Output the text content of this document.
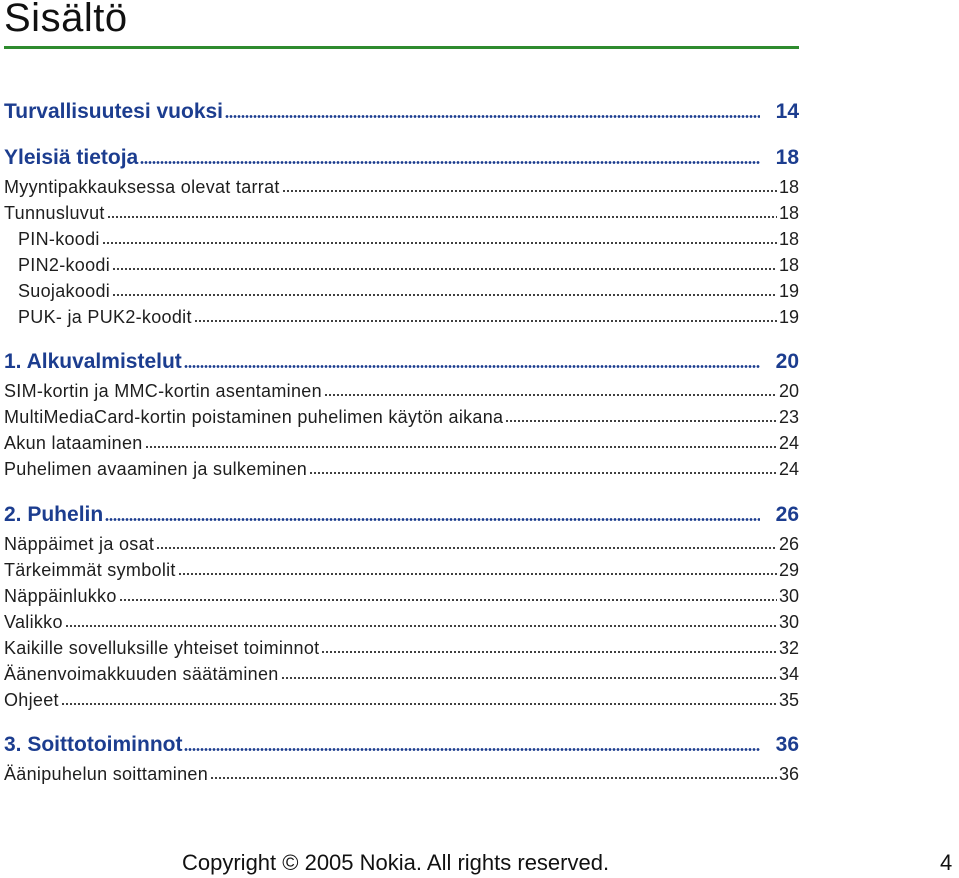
Sisältö
Turvallisuutesi vuoksi	14
Yleisiä tietoja	18
Myyntipakkauksessa olevat tarrat	18
Tunnusluvut	18
PIN-koodi	18
PIN2-koodi	18
Suojakoodi	19
PUK- ja PUK2-koodit	19
1. Alkuvalmistelut	20
SIM-kortin ja MMC-kortin asentaminen	20
MultiMediaCard-kortin poistaminen puhelimen käytön aikana	23
Akun lataaminen	24
Puhelimen avaaminen ja sulkeminen	24
2. Puhelin	26
Näppäimet ja osat	26
Tärkeimmät symbolit	29
Näppäinlukko	30
Valikko	30
Kaikille sovelluksille yhteiset toiminnot	32
Äänenvoimakkuuden säätäminen	34
Ohjeet	35
3. Soittotoiminnot	36
Äänipuhelun soittaminen	36
Copyright © 2005 Nokia. All rights reserved.	4
